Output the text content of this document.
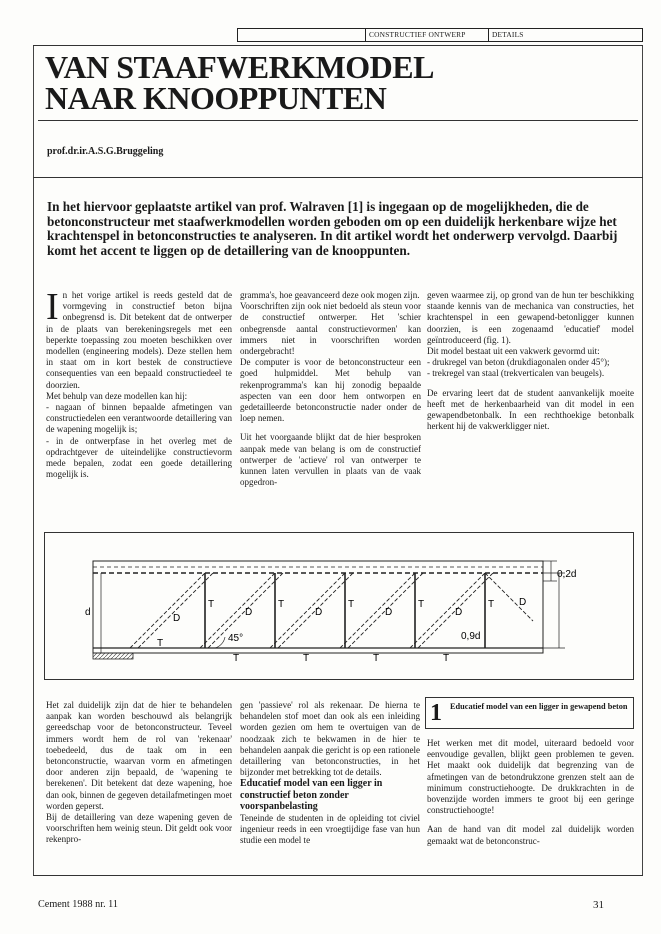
CONSTRUCTIEF ONTWERP	DETAILS
VAN STAAFWERKMODEL
NAAR KNOOPPUNTEN
prof.dr.ir.A.S.G.Bruggeling
In het hiervoor geplaatste artikel van prof. Walraven [1] is ingegaan op de mogelijkheden, die de betonconstructeur met staafwerkmodellen worden geboden om op een duidelijk herkenbare wijze het krachtenspel in betonconstructies te analyseren. In dit artikel wordt het onderwerp vervolgd. Daarbij komt het accent te liggen op de detaillering van de knooppunten.

In het vorige artikel is reeds gesteld dat de vormgeving in constructief beton bijna onbegrensd is. Dit betekent dat de ontwerper in de plaats van berekeningsregels met een beperkte toepassing zou moeten beschikken over modellen (engineering models). Deze stellen hem in staat om in kort bestek de constructieve consequenties van een bepaald constructiedeel te doorzien.

Met behulp van deze modellen kan hij:

- nagaan of binnen bepaalde afmetingen van constructiedelen een verantwoorde detaillering van de wapening mogelijk is;

- in de ontwerpfase in het overleg met de opdrachtgever de uiteindelijke constructievorm mede bepalen, zodat een goede detaillering mogelijk is.

gramma's, hoe geavanceerd deze ook mogen zijn.

Voorschriften zijn ook niet bedoeld als steun voor de constructief ontwerper. Het 'schier onbegrensde aantal constructievormen' kan immers niet in voorschriften worden ondergebracht!

De computer is voor de betonconstructeur een goed hulpmiddel. Met behulp van rekenprogramma's kan hij zonodig bepaalde aspecten van een door hem ontworpen en gedetailleerde betonconstructie nader onder de loep nemen.

Uit het voorgaande blijkt dat de hier besproken aanpak mede van belang is om de constructief ontwerper de 'actieve' rol van ontwerper te kunnen laten vervullen in plaats van de vaak opgedron-

geven waarmee zij, op grond van de hun ter beschikking staande kennis van de mechanica van constructies, het krachtenspel in een gewapend-betonligger kunnen doorzien, is een zogenaamd 'educatief' model geïntroduceerd (fig. 1).

Dit model bestaat uit een vakwerk gevormd uit:

- drukregel van beton (drukdiagonalen onder 45°);

- trekregel van staal (trekverticalen van beugels).

De ervaring leert dat de student aanvankelijk moeite heeft met de herkenbaarheid van dit model in een gewapendbetonbalk. In een rechthoekige betonbalk herkent hij de vakwerkligger niet.

d
45°
D
D	D	D	D
D
T	T	T	T	T
T
T	T	T	T
0,2d
0,9d

Het zal duidelijk zijn dat de hier te behandelen aanpak kan worden beschouwd als belangrijk gereedschap voor de betonconstructeur. Teveel immers wordt hem de rol van 'rekenaar' toebedeeld, dus de taak om in een betonconstructie, waarvan vorm en afmetingen door anderen zijn bepaald, de 'wapening te berekenen'. Dit betekent dat deze wapening, hoe dan ook, binnen de gegeven detailafmetingen moet worden geperst.

Bij de detaillering van deze wapening geven de voorschriften hem weinig steun. Dit geldt ook voor rekenpro-

gen 'passieve' rol als rekenaar. De hierna te behandelen stof moet dan ook als een inleiding worden gezien om hem te overtuigen van de noodzaak zich te bekwamen in de hier te behandelen aanpak die gericht is op een rationele detaillering van betonconstructies, in het bijzonder met betrekking tot de details.

Educatief model van een ligger in constructief beton zonder voorspanbelasting

Teneinde de studenten in de opleiding tot civiel ingenieur reeds in een vroegtijdige fase van hun studie een model te

1 Educatief model van een ligger in gewapend beton

Het werken met dit model, uiteraard bedoeld voor eenvoudige gevallen, blijkt geen problemen te geven. Het maakt ook duidelijk dat begrenzing van de afmetingen van de betondrukzone grenzen stelt aan de minimum constructiehoogte. De drukkrachten in de bovenzijde worden immers te groot bij een geringe constructiehoogte!

Aan de hand van dit model zal duidelijk worden gemaakt wat de betonconstruc-

Cement 1988 nr. 11	31
